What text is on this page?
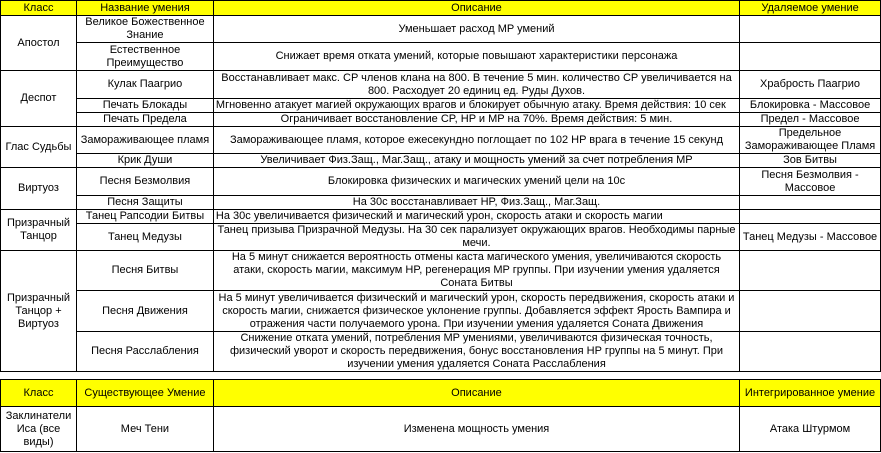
Класс	Название умения	Описание	Удаляемое умение
Апостол	Великое Божественное Знание	Уменьшает расход MP умений	
	Естественное Преимущество	Снижает время отката умений, которые повышают характеристики персонажа	
Деспот	Кулак Паагрио	Восстанавливает макс. CP членов клана на 800. В течение 5 мин. количество CP увеличивается на 800. Расходует 20 единиц ед. Руды Духов.	Храбрость Паагрио
	Печать Блокады	Мгновенно атакует магией окружающих врагов и блокирует обычную атаку. Время действия: 10 сек	Блокировка - Массовое
	Печать Предела	Ограничивает восстановление CP, HP и MP на 70%. Время действия: 5 мин.	Предел - Массовое
Глас Судьбы	Замораживающее пламя	Замораживающее пламя, которое ежесекундно поглощает по 102 HP врага в течение 15 секунд	Предельное Замораживающее Пламя
	Крик Души	Увеличивает Физ.Защ., Маг.Защ., атаку и мощность умений за счет потребления MP	Зов Битвы
Виртуоз	Песня Безмолвия	Блокировка физических и магических умений цели на 10с	Песня Безмолвия - Массовое
	Песня Защиты	На 30с восстанавливает HP, Физ.Защ., Маг.Защ.	
Призрачный Танцор	Танец Рапсодии Битвы	На 30с увеличивается физический и магический урон, скорость атаки и скорость магии	
	Танец Медузы	Танец призыва Призрачной Медузы. На 30 сек парализует окружающих врагов. Необходимы парные мечи.	Танец Медузы - Массовое
Призрачный Танцор + Виртуоз	Песня Битвы	На 5 минут снижается вероятность отмены каста магического умения, увеличиваются скорость атаки, скорость магии, максимум HP, регенерация MP группы. При изучении умения удаляется Соната Битвы	
	Песня Движения	На 5 минут увеличивается физический и магический урон, скорость передвижения, скорость атаки и скорость магии, снижается физическое уклонение группы. Добавляется эффект Ярость Вампира и отражения части получаемого урона. При изучении умения удаляется Соната Движения	
	Песня Расслабления	Снижение отката умений, потребления MP умениями, увеличиваются физическая точность, физический уворот и скорость передвижения, бонус восстановления HP группы на 5 минут. При изучении умения удаляется Соната Расслабления	
Класс	Существующее Умение	Описание	Интегрированное умение
Заклинатели Иса (все виды)	Меч Тени	Изменена мощность умения	Атака Штурмом
